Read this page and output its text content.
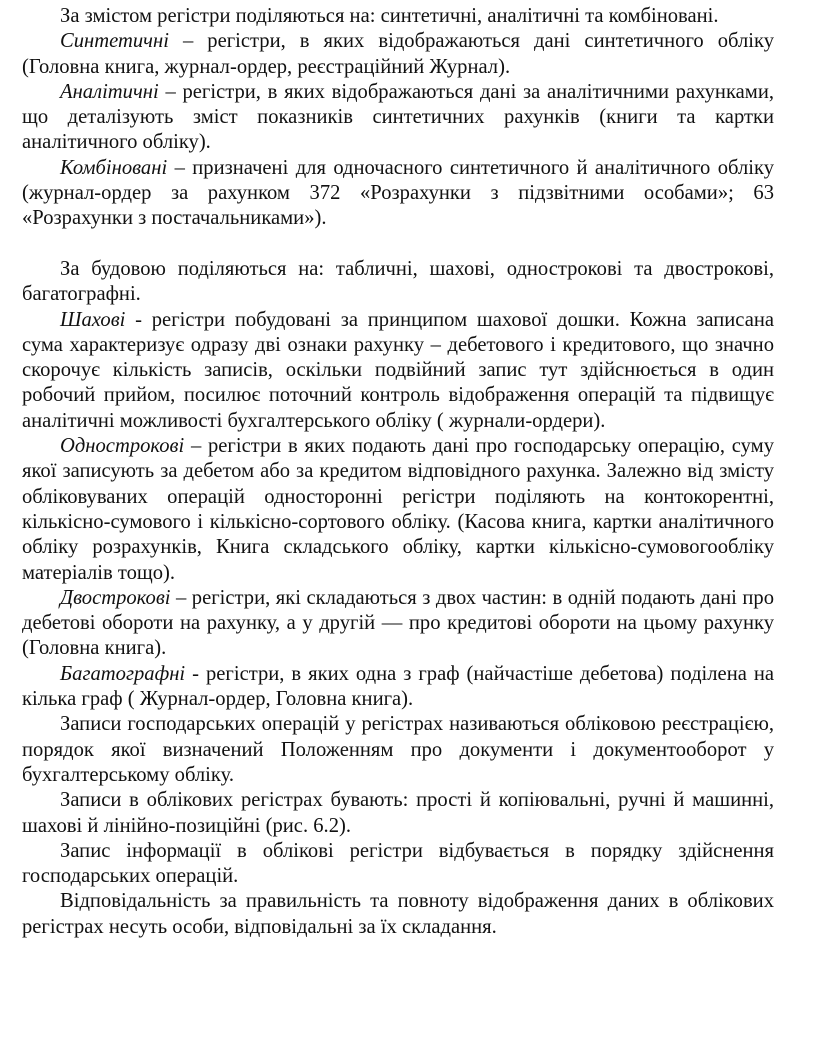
За змістом регістри поділяються на: синтетичні, аналітичні та комбіновані.

Синтетичні – регістри, в яких відображаються дані синтетичного обліку (Головна книга, журнал-ордер, реєстраційний Журнал).

Аналітичні – регістри, в яких відображаються дані за аналітичними рахунками, що деталізують зміст показників синтетичних рахунків (книги та картки аналітичного обліку).

Комбіновані – призначені для одночасного синтетичного й аналітичного обліку (журнал-ордер за рахунком 372 «Розрахунки з підзвітними особами»; 63 «Розрахунки з постачальниками»).

За будовою поділяються на: табличні, шахові, однострокові та двострокові, багатографні.

Шахові - регістри побудовані за принципом шахової дошки. Кожна записана сума характеризує одразу дві ознаки рахунку – дебетового і кредитового, що значно скорочує кількість записів, оскільки подвійний запис тут здійснюється в один робочий прийом, посилює поточний контроль відображення операцій та підвищує аналітичні можливості бухгалтерського обліку ( журнали-ордери).

Однострокові – регістри в яких подають дані про господарську операцію, суму якої записують за дебетом або за кредитом відповідного рахунка. Залежно від змісту обліковуваних операцій односторонні регістри поділяють на контокорентні, кількісно-сумового і кількісно-сортового обліку. (Касова книга, картки аналітичного обліку розрахунків, Книга складського обліку, картки кількісно-сумовогообліку матеріалів тощо).

Двострокові – регістри, які складаються з двох частин: в одній подають дані про дебетові обороти на рахунку, а у другій — про кредитові обороти на цьому рахунку (Головна книга).

Багатографні - регістри, в яких одна з граф (найчастіше дебетова) поділена на кілька граф ( Журнал-ордер, Головна книга).

Записи господарських операцій у регістрах називаються обліковою реєстрацією, порядок якої визначений Положенням про документи і документооборот у бухгалтерському обліку.

Записи в облікових регістрах бувають: прості й копіювальні, ручні й машинні, шахові й лінійно-позиційні (рис. 6.2).

Запис інформації в облікові регістри відбувається в порядку здійснення господарських операцій.

Відповідальність за правильність та повноту відображення даних в облікових регістрах несуть особи, відповідальні за їх складання.
